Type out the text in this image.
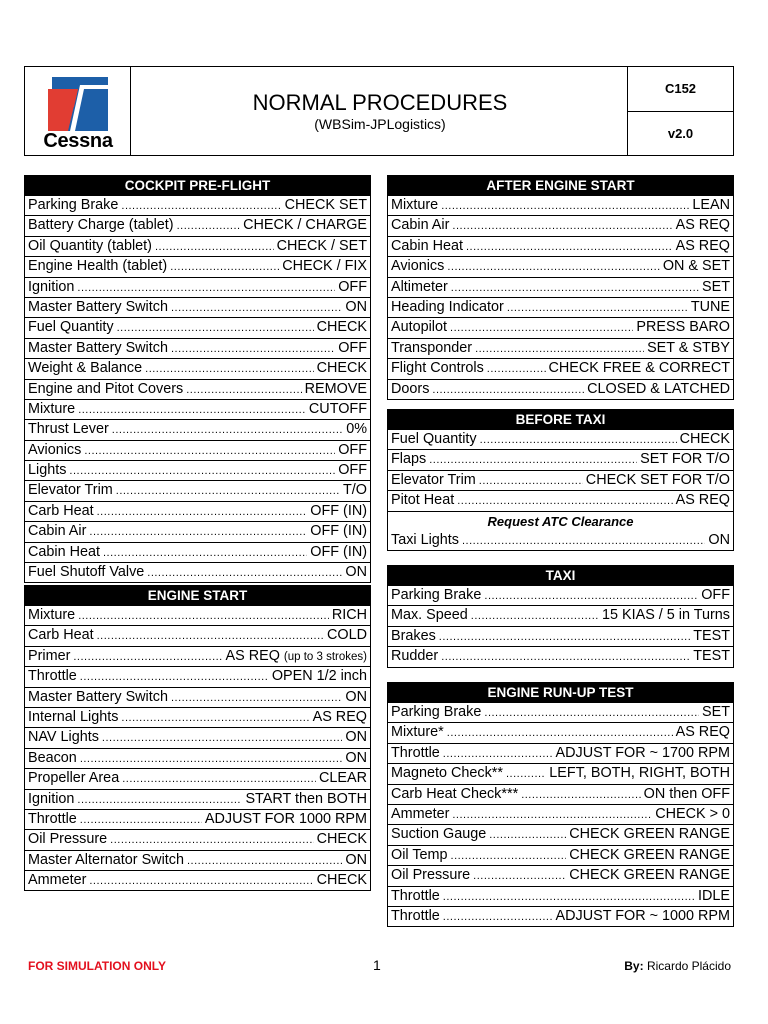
Cessna
NORMAL PROCEDURES
(WBSim-JPLogistics)
C152
v2.0
COCKPIT PRE-FLIGHT
Parking Brake .....	CHECK SET
Battery Charge (tablet) .....	CHECK / CHARGE
Oil Quantity (tablet) .....	CHECK / SET
Engine Health (tablet) .....	CHECK / FIX
Ignition .....	OFF
Master Battery Switch .....	ON
Fuel Quantity .....	CHECK
Master Battery Switch .....	OFF
Weight & Balance .....	CHECK
Engine and Pitot Covers .....	REMOVE
Mixture .....	CUTOFF
Thrust Lever .....	0%
Avionics .....	OFF
Lights .....	OFF
Elevator Trim .....	T/O
Carb Heat .....	OFF (IN)
Cabin Air .....	OFF (IN)
Cabin Heat .....	OFF (IN)
Fuel Shutoff Valve .....	ON
ENGINE START
Mixture .....	RICH
Carb Heat .....	COLD
Primer .....	AS REQ (up to 3 strokes)
Throttle .....	OPEN 1/2 inch
Master Battery Switch .....	ON
Internal Lights .....	AS REQ
NAV Lights .....	ON
Beacon .....	ON
Propeller Area .....	CLEAR
Ignition .....	START then BOTH
Throttle .....	ADJUST FOR 1000 RPM
Oil Pressure .....	CHECK
Master Alternator Switch .....	ON
Ammeter .....	CHECK
AFTER ENGINE START
Mixture .....	LEAN
Cabin Air .....	AS REQ
Cabin Heat .....	AS REQ
Avionics .....	ON & SET
Altimeter .....	SET
Heading Indicator .....	TUNE
Autopilot .....	PRESS BARO
Transponder .....	SET & STBY
Flight Controls .....	CHECK FREE & CORRECT
Doors .....	CLOSED & LATCHED
BEFORE TAXI
Fuel Quantity .....	CHECK
Flaps .....	SET FOR T/O
Elevator Trim .....	CHECK SET FOR T/O
Pitot Heat .....	AS REQ
Request ATC Clearance
Taxi Lights .....	ON
TAXI
Parking Brake .....	OFF
Max. Speed .....	15 KIAS / 5 in Turns
Brakes .....	TEST
Rudder .....	TEST
ENGINE RUN-UP TEST
Parking Brake .....	SET
Mixture* .....	AS REQ
Throttle .....	ADJUST FOR ~ 1700 RPM
Magneto Check** .....	LEFT, BOTH, RIGHT, BOTH
Carb Heat Check*** .....	ON then OFF
Ammeter .....	CHECK > 0
Suction Gauge .....	CHECK GREEN RANGE
Oil Temp .....	CHECK GREEN RANGE
Oil Pressure .....	CHECK GREEN RANGE
Throttle .....	IDLE
Throttle .....	ADJUST FOR ~ 1000 RPM
FOR SIMULATION ONLY	1	By: Ricardo Plácido
